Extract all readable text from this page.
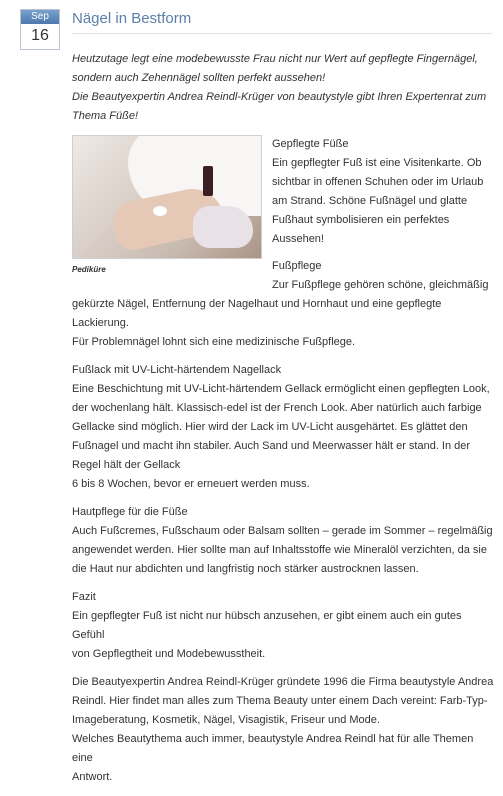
Sep
16
Nägel in Bestform
Heutzutage legt eine modebewusste Frau nicht nur Wert auf gepflegte Fingernägel,
sondern auch Zehennägel sollten perfekt aussehen!
Die Beautyexpertin Andrea Reindl-Krüger von beautystyle gibt Ihren Expertenrat zum
Thema Füße!
Pediküre
Gepflegte Füße
Ein gepflegter Fuß ist eine Visitenkarte. Ob
sichtbar in offenen Schuhen oder im Urlaub
am Strand. Schöne Fußnägel und glatte
Fußhaut symbolisieren ein perfektes
Aussehen!
Fußpflege
Zur Fußpflege gehören schöne, gleichmäßig
gekürzte Nägel, Entfernung der Nagelhaut und Hornhaut und eine gepflegte Lackierung.
Für Problemnägel lohnt sich eine medizinische Fußpflege.
Fußlack mit UV-Licht-härtendem Nagellack
Eine Beschichtung mit UV-Licht-härtendem Gellack ermöglicht einen gepflegten Look,
der wochenlang hält. Klassisch-edel ist der French Look. Aber natürlich auch farbige
Gellacke sind möglich. Hier wird der Lack im UV-Licht ausgehärtet. Es glättet den
Fußnagel und macht ihn stabiler. Auch Sand und Meerwasser hält er stand. In der
Regel hält der Gellack
6 bis 8 Wochen, bevor er erneuert werden muss.
Hautpflege für die Füße
Auch Fußcremes, Fußschaum oder Balsam sollten – gerade im Sommer – regelmäßig
angewendet werden. Hier sollte man auf Inhaltsstoffe wie Mineralöl verzichten, da sie
die Haut nur abdichten und langfristig noch stärker austrocknen lassen.
Fazit
Ein gepflegter Fuß ist nicht nur hübsch anzusehen, er gibt einem auch ein gutes Gefühl
von Gepflegtheit und Modebewusstheit.
Die Beautyexpertin Andrea Reindl-Krüger gründete 1996 die Firma beautystyle Andrea
Reindl. Hier findet man alles zum Thema Beauty unter einem Dach vereint: Farb-Typ-
Imageberatung, Kosmetik, Nägel, Visagistik, Friseur und Mode.
Welches Beautythema auch immer, beautystyle Andrea Reindl hat für alle Themen eine
Antwort.
